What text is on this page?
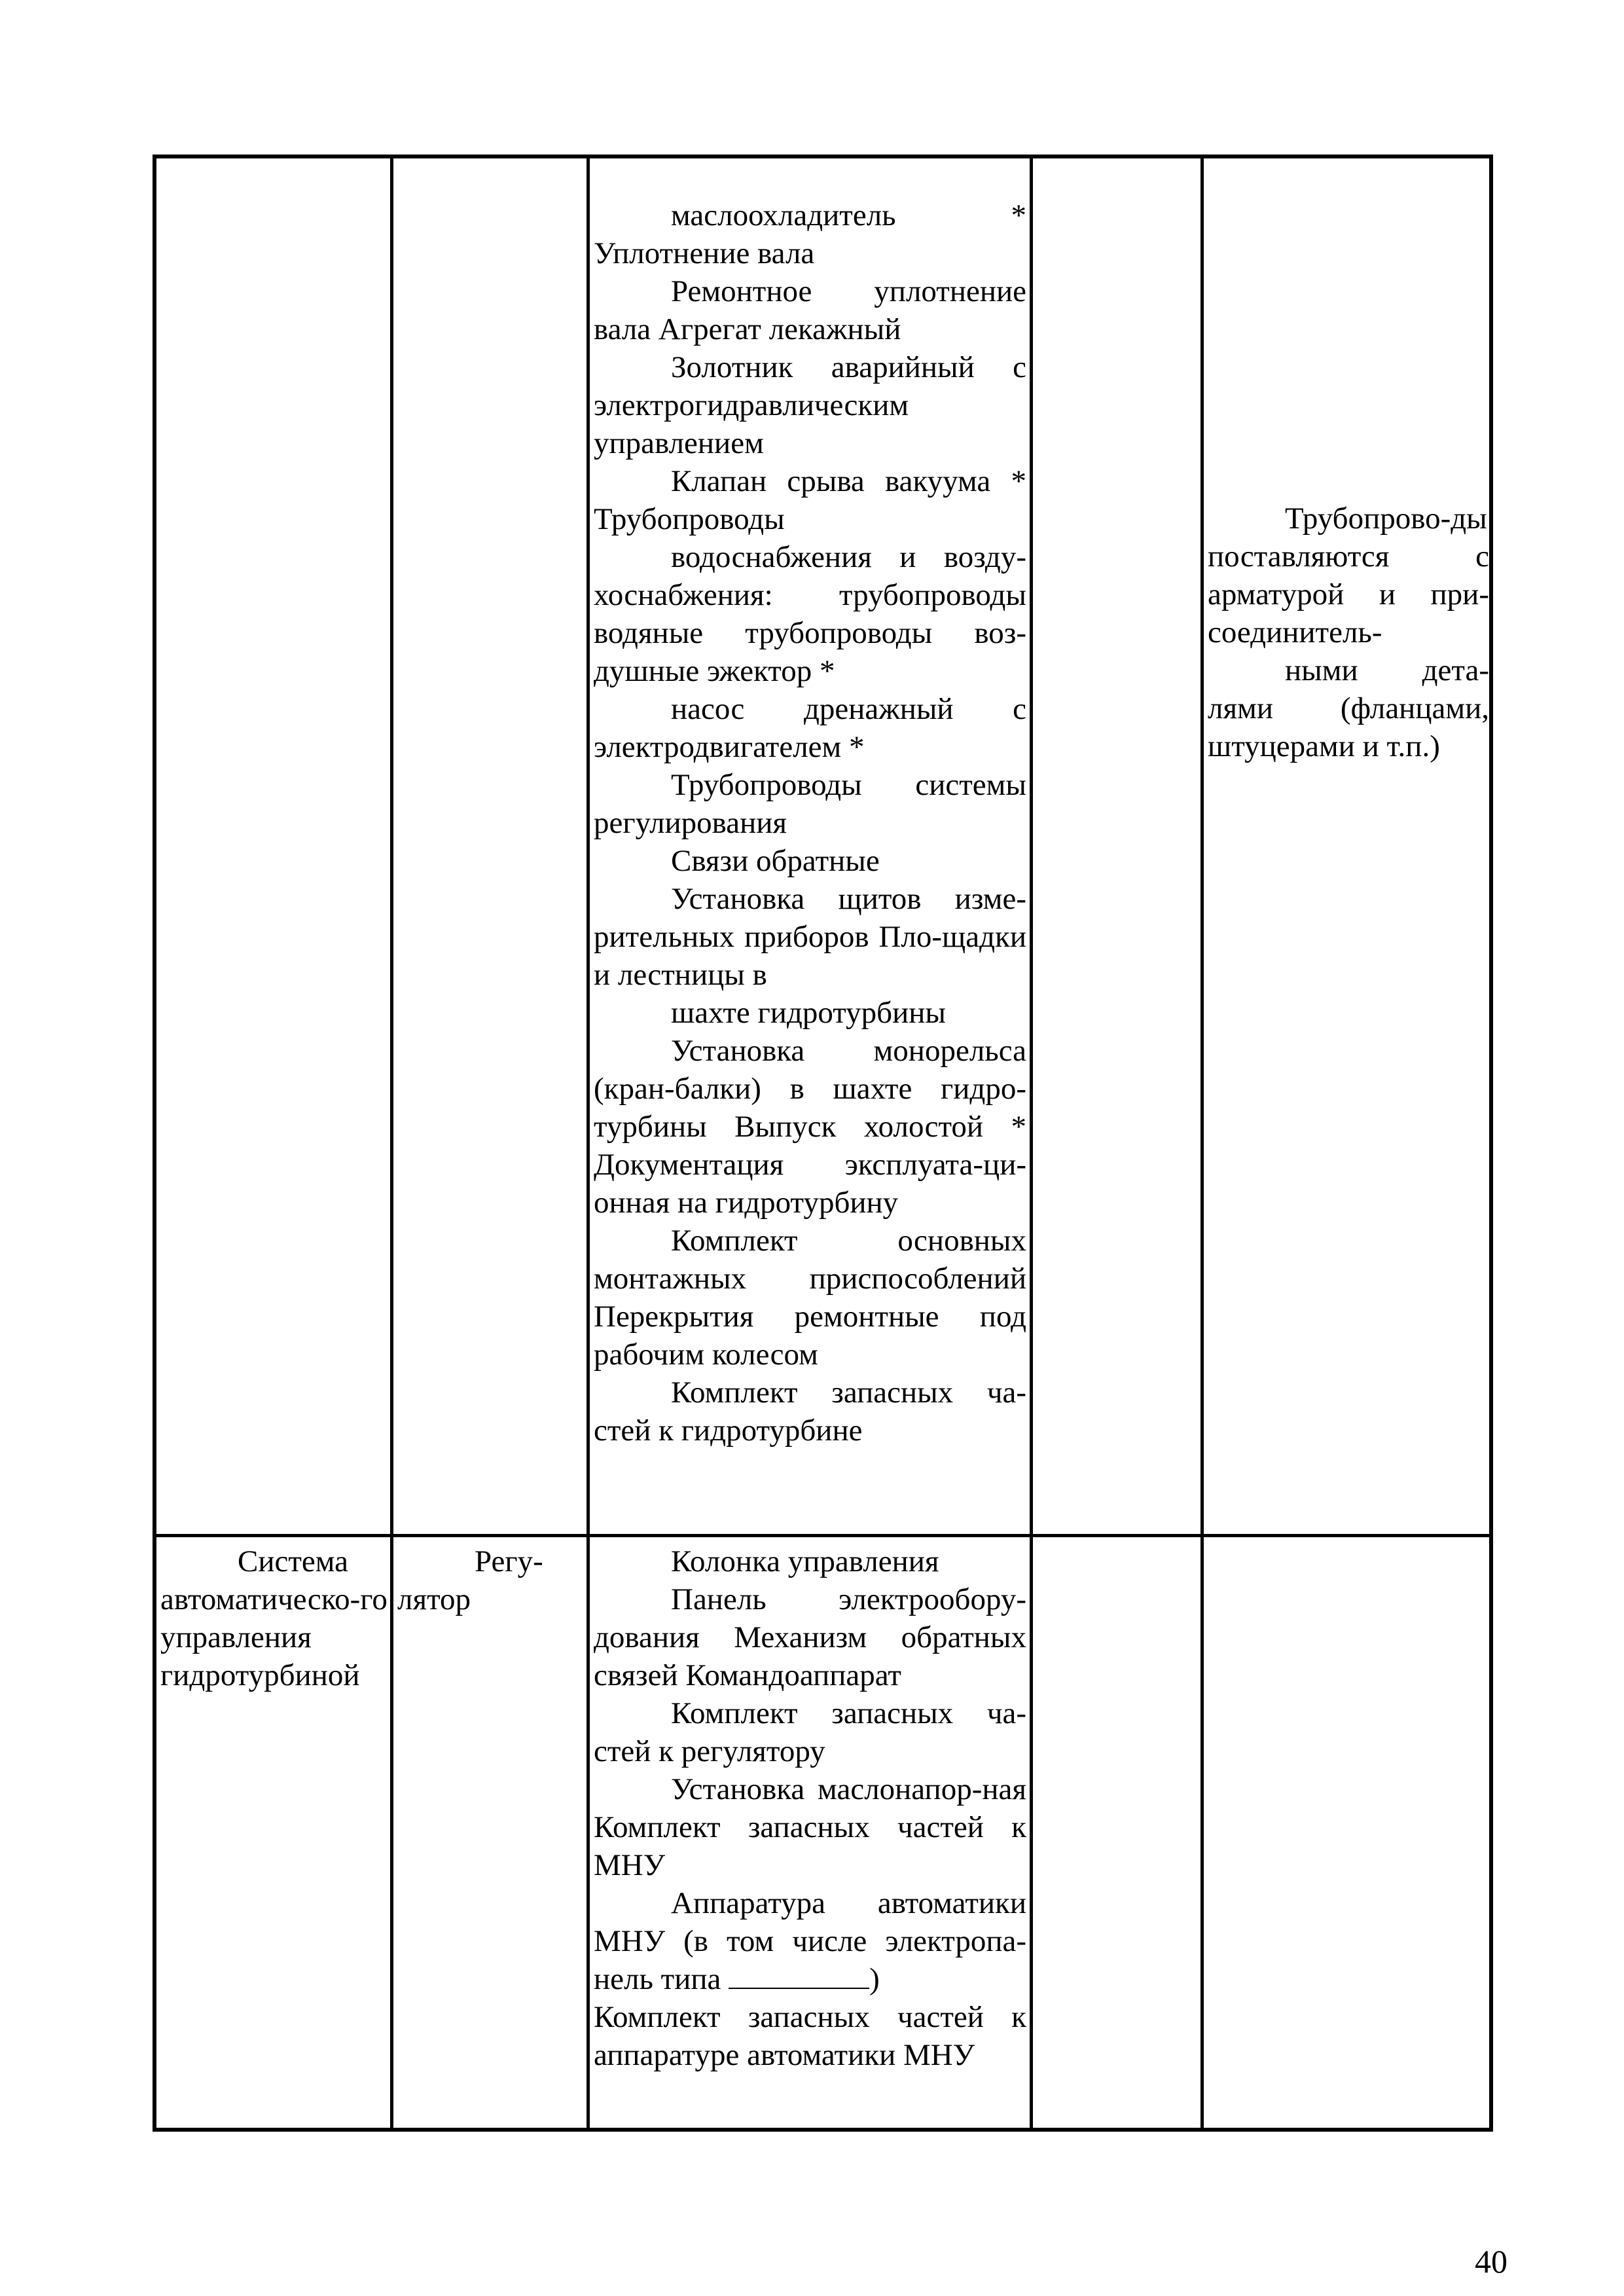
маслоохладитель *

Уплотнение вала

Ремонтное уплотнение вала Агрегат лекажный

Золотник аварийный с электрогидравлическим управлением

Клапан срыва вакуума * Трубопроводы

водоснабжения и возду-хоснабжения: трубопроводы водяные трубопроводы воз-душные эжектор *

насос дренажный с электродвигателем *

Трубопроводы системы регулирования

Связи обратные

Установка щитов изме-рительных приборов Пло-щадки и лестницы в

шахте гидротурбины

Установка монорельса (кран-балки) в шахте гидро-турбины Выпуск холостой * Документация эксплуата-ци-онная на гидротурбину

Комплект основных монтажных приспособлений Перекрытия ремонтные под рабочим колесом

Комплект запасных ча-стей к гидротурбине

Трубопрово-ды поставляются с арматурой и при-соединитель-

ными дета-лями (фланцами, штуцерами и т.п.)

Система автоматическо-го управления гидротурбиной

Регу-лятор

Колонка управления

Панель электрообору-дования Механизм обратных связей Командоаппарат

Комплект запасных ча-стей к регулятору

Установка маслонапор-ная Комплект запасных частей к МНУ

Аппаратура автоматики МНУ (в том числе электропа-нель типа	)

Комплект запасных частей к аппаратуре автоматики МНУ

40
